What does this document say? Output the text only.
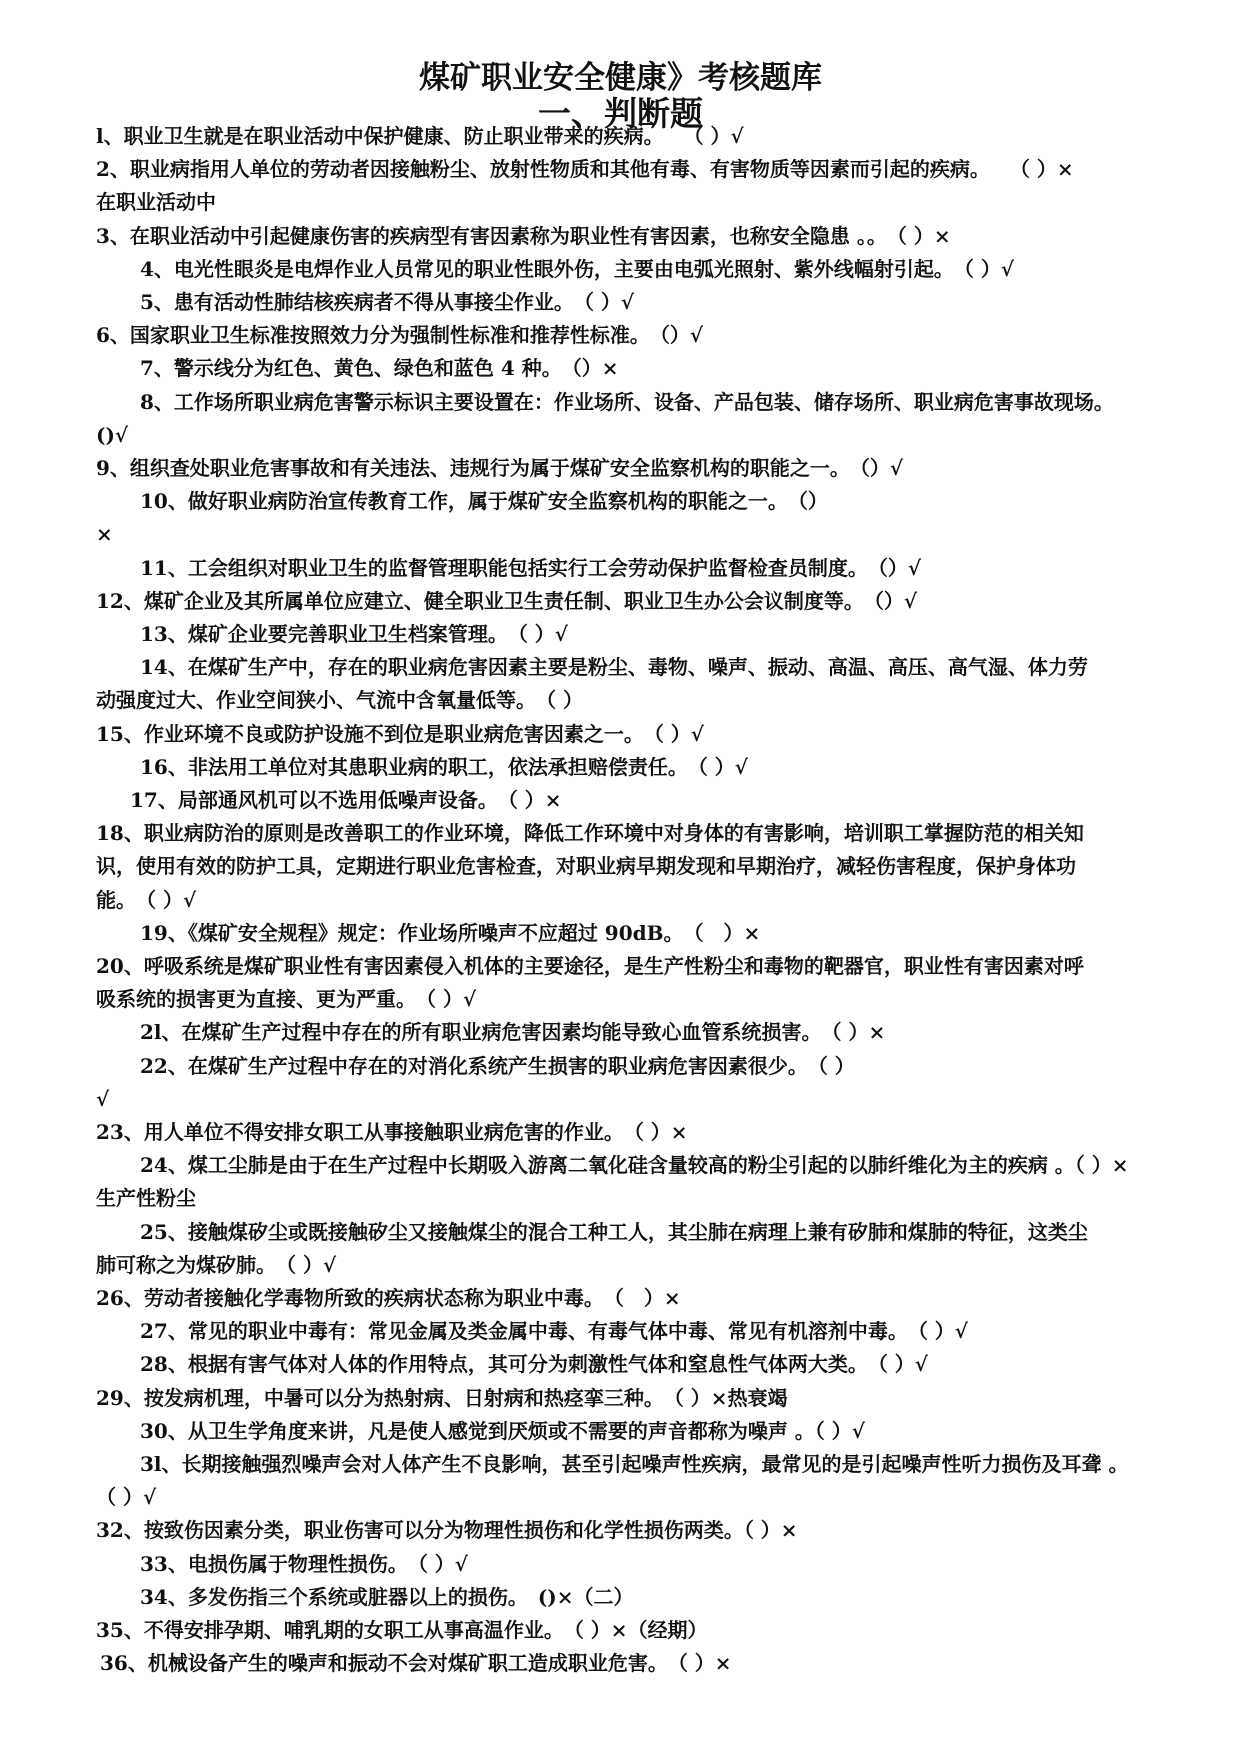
煤矿职业安全健康》考核题库
一、判断题
l、职业卫生就是在职业活动中保护健康、防止职业带来的疾病。　　（ ）√
2、职业病指用人单位的劳动者因接触粉尘、放射性物质和其他有毒、有害物质等因素而引起的疾病。　　（ ）×
在职业活动中
3、在职业活动中引起健康伤害的疾病型有害因素称为职业性有害因素，也称安全隐患 。。　（ ）×
4、电光性眼炎是电焊作业人员常见的职业性眼外伤，主要由电弧光照射、紫外线幅射引起。　（ ）√
5、患有活动性肺结核疾病者不得从事接尘作业。　（ ）√
6、国家职业卫生标准按照效力分为强制性标准和推荐性标准。　（）√
7、警示线分为红色、黄色、绿色和蓝色 4 种。　（）×
8、工作场所职业病危害警示标识主要设置在：作业场所、设备、产品包装、储存场所、职业病危害事故现场。
()√
9、组织查处职业危害事故和有关违法、违规行为属于煤矿安全监察机构的职能之一。　（）√
10、做好职业病防治宣传教育工作，属于煤矿安全监察机构的职能之一。　（）
×
11、工会组织对职业卫生的监督管理职能包括实行工会劳动保护监督检查员制度。　（）√
12、煤矿企业及其所属单位应建立、健全职业卫生责任制、职业卫生办公会议制度等。　（）√
13、煤矿企业要完善职业卫生档案管理。　（ ）√
14、在煤矿生产中，存在的职业病危害因素主要是粉尘、毒物、噪声、振动、高温、高压、高气湿、体力劳
动强度过大、作业空间狭小、气流中含氧量低等。　（ ）
15、作业环境不良或防护设施不到位是职业病危害因素之一。　（ ）√
16、非法用工单位对其患职业病的职工，依法承担赔偿责任。　（ ）√
17、局部通风机可以不选用低噪声设备。　（ ）×
18、职业病防治的原则是改善职工的作业环境，降低工作环境中对身体的有害影响，培训职工掌握防范的相关知
识，使用有效的防护工具，定期进行职业危害检查，对职业病早期发现和早期治疗，减轻伤害程度，保护身体功
能。　（ ）√
19、《煤矿安全规程》规定：作业场所噪声不应超过 90dB。　（　）×
20、呼吸系统是煤矿职业性有害因素侵入机体的主要途径，是生产性粉尘和毒物的靶器官，职业性有害因素对呼
吸系统的损害更为直接、更为严重。　（ ）√
2l、在煤矿生产过程中存在的所有职业病危害因素均能导致心血管系统损害。　（ ）×
22、在煤矿生产过程中存在的对消化系统产生损害的职业病危害因素很少。　（ ）
√
23、用人单位不得安排女职工从事接触职业病危害的作业。　（ ）×
24、煤工尘肺是由于在生产过程中长期吸入游离二氧化硅含量较高的粉尘引起的以肺纤维化为主的疾病 。（ ）×
生产性粉尘
25、接触煤矽尘或既接触矽尘又接触煤尘的混合工种工人，其尘肺在病理上兼有矽肺和煤肺的特征，这类尘
肺可称之为煤矽肺。　（ ）√
26、劳动者接触化学毒物所致的疾病状态称为职业中毒。　（　）×
27、常见的职业中毒有：常见金属及类金属中毒、有毒气体中毒、常见有机溶剂中毒。　（ ）√
28、根据有害气体对人体的作用特点，其可分为刺激性气体和窒息性气体两大类。　（ ）√
29、按发病机理，中暑可以分为热射病、日射病和热痉挛三种。　（ ）×热衰竭
30、从卫生学角度来讲，凡是使人感觉到厌烦或不需要的声音都称为噪声 。（ ）√
3l、长期接触强烈噪声会对人体产生不良影响，甚至引起噪声性疾病，最常见的是引起噪声性听力损伤及耳聋 。
（ ）√
32、按致伤因素分类，职业伤害可以分为物理性损伤和化学性损伤两类。（ ）×
33、电损伤属于物理性损伤。　（ ）√
34、多发伤指三个系统或脏器以上的损伤。　()×（二）
35、不得安排孕期、哺乳期的女职工从事高温作业。　（ ）×（经期）
36、机械设备产生的噪声和振动不会对煤矿职工造成职业危害。　（ ）×
